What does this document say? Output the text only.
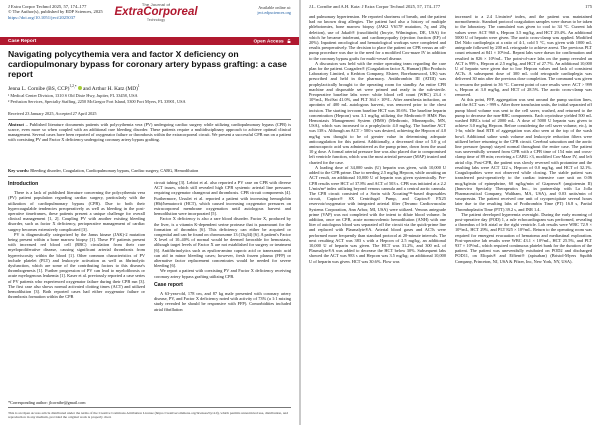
J Extra Corpor Technol 2025, 57, 174–177
© The Author(s), published by EDP Sciences, 2025
https://doi.org/10.1051/ject/2025037
The Journal of
ExtraCorporeal
Technology
Available online at:
ject.edpsciences.org
Case Report	Open Access
Navigating polycythemia vera and factor X deficiency on cardiopulmonary bypass for coronary artery bypass grafting: a case report
Jenna L. Cornibe (BS, CCP)$^{1,2,*}$ and Arthur H. Katz (MD)$^1$
¹ Medical Center Division, 1310 S Old Dixie Hwy, Jupiter, FL 33458, USA
² Perfusion Services, Specialty Staffing, 2250 McGregor Fort Island, 5300 Fort Myers, FL 33901, USA
Received 23 January 2025, Accepted 27 April 2025
Abstract – Published literature documents patients with polycythemia vera (PV) undergoing cardiac surgery while utilizing cardiopulmonary bypass (CPB) is scarce, even more so when coupled with an additional rare bleeding disorder. These patients require a multidisciplinary approach to achieve optimal clinical management. Several cases have been reported of oxygenator failure or thrombosis within the extracorporeal circuit. We present a successful CPB run on a patient with coexisting PV and Factor X deficiency undergoing coronary artery bypass grafting.
Key words: Bleeding disorder, Coagulation, Cardiopulmonary bypass, Cardiac surgery, CABG, Hemodilution
Introduction

There is a lack of published literature concerning the polycythemia vera (PV) patient population regarding cardiac surgery, particularly with the utilization of cardiopulmonary bypass (CPB). Due to both their hypercoagulable tendencies preoperatively as well as bleeding in the post-operative timeframes, these patients present a unique challenge for overall clinical management [1, 2]. Coupling PV with another existing bleeding disorder, such as factor X deficiency, perioperative management of cardiac surgery becomes extensively complicated [3].

PV is diagnostically categorized by the Janus kinase (JAK)-2 mutation being present within a bone marrow biopsy [1]. These PV patients present with increased red blood cell (RBC) circulation from their rare myeloproliferative disease, causing significant arterial thrombosis from hyperviscosity within the blood [1]. Other common characteristics of PV include platelet (PLT) and leukocyte activation as well as fibrinolytic dysfunction, which are some of the contributing factors to this disease's thrombogenesis [1]. Further progression of PV can lead to myelofibrosis or acute myelogenous leukemia [1]. Kaser et al. previously reported a case series of PV patients who experienced oxygenator failure during their CPB run [3]. The first case also shows normal activated clotting times (ACT) and utilized hemodilution [3]. Both reported cases had either oxygenator failure or thrombosis formation within the CPB

circuit tubing [3]. Lebiot et al. also reported a PV case on CPB with diverse ACT issues, which still revealed high CPB systemic arterial line pressures requiring oxygenator changeout and thrombosis. CPB circuit components [4]. Furthermore, Ursulet et al. reported a patient with increasing hemoglobin (Hb)/hematocrit (HCT), which caused increasing oxygenator pressures on extracorporeal membrane oxygenation until autologous harvest and hemodilution were incorporated [5].

Factor X deficiency is also a rare blood disorder. Factor X, produced by the liver, is a vitamin K-dependent serine protease that is paramount for the formation of thrombin [6]. This deficiency can either be acquired or congenital and can be found on chromosome 13 (13q34) [6]. A patient's Factor X level of 10–40% of normal would be deemed favorable for hemostasis, although target levels of Factor X are not established for surgery or treatment [6]. Antifibrinolytics such as epsilon-amino caproic acid or tranexamic acid can aid in minor bleeding cases; however, fresh frozen plasma (FFP) or alternative factor replacement concentrates would be needed for severe bleeding [6].

We report a patient with coexisting PV and Factor X deficiency receiving coronary artery bypass grafting utilizing CPB.

Case report

A 63-year-old, 178 cm, and 87 kg male presented with coronary artery disease, PV, and Factor X deficiency noted with activity of 73% (a 1:1 mixing study revealed he should be responsive with FFP). Comorbidities included atrial fibrillation

*Corresponding author: jlcornibe@gmail.com
This is an Open Access article distributed under the terms of the Creative Commons Attribution License (https://creativecommons.org/licenses/by/4.0), which permits unrestricted use, distribution, and reproduction in any medium, provided the original work is properly cited.
J.L. Cornibe and A.H. Katz: J Extra Corpor Technol 2025, 57, 174–177	175

and pulmonary hypertension. He reported shortness of breath, and the patient had no known drug allergies. The patient had also a history of multiple phlebotomies, bone marrow biopsy (JAK2 V617F mutation, 7q and 20q deletion), use of Jakafi® (ruxolitinib) (Incyte, Wilmington, DE, USA) for which he became intolerant, and cardiomyopathy (ejection fraction (EF) of 20%). Inpatient oncological and hematological workups were completed and results preoperatively. The decision to place the patient on CPB versus an off-pump procedure was due to the need for a modified Cox-maze IV in addition to the coronary bypass grafts for multi-vessel disease.

A discussion was held with the entire operating team regarding the care plan for the patient. Coagadex® (Coagulation factor X, Human) (Bio Products Laboratory Limited, a Kedrion Company, Elstree, Borehamwood, UK) was prescribed and held in the pharmacy. Antithrombin III (ATIII) was prophylactically brought to the operating room for standby. An entire CPB machine and disposable set were primed and ready in the sub-sterile. Preoperative baseline labs were: white blood cell count (WBC) 23.4 × 10⁹/mL, Hct/Sat 41.0%, and PLT 364 × 10⁹/L. After anesthesia induction, an aprotinin of 400 mL autologous harvest, was removed prior to the chest incision. The starting in-room baseline HCT was 30.6%. The baseline heparin concentration (Hepcon) was 3.1 mg/kg utilizing the Medtronic® HMS Plus Hemostasis Management System (HMS) (Medtronic, Minneapolis, MN, USA), which was increased to a prophylactic 4.0 mg/kg. The baseline ACT was 138 s. Although an ACT > 500 s was desired, achieving the Hepcon of 4.0 mg/kg was thought to be of greater value in determining adequate anticoagulation for this patient. Additionally, a decreased dose of 5.0 g of aminocaproic acid was administered as the pump prime, down from the usual 10 g dose. A formal arterial pressure line was also placed due to compromised left ventricle function, which was the most arterial pressure (MAP) trusted and charted for the case.

A loading dose of 34,000 units (U) heparin was given, with 10,000 U added to the CPB prime. Due to needing 2.5 mg/kg Hepcon, while awaiting an ACT result, an additional 10,000 U of heparin was given systemically. Pre-CPB results were HCT of 37.8% and ACT of 503 s. CPB was initiated at a 2.2 L/min/m² index utilizing beyond venous cannula and a central aortic cannula. The CPB circuit consisted of a Sorin with Xcoating™-based disposables circuit, Capiox® SX Centrifugal Pump, and Capiox® FX25 reservoir/oxygenator with integrated arterial filter (Terumo Cardiovascular Systems Corporation, Ann Arbor, MI, USA) were utilized. Venous antegrade prime (VAP) was not completed with the intent to dilute blood volume. In addition, once on CPB, acute normovolemic hemodilution (ANH) with one liter of autologous blood was separated off the circuit via the quick-prime line and replaced with Plasmalyte®A. Arterial blood gases and ACTs were performed more frequently than standard protocol at 20-minute intervals. The next resulting ACT was 383 s with a Hepcon of 2.5 mg/kg, an additional 10,000 U of heparin was given. The HCT was 31.2%, and 300 mL of Plasmalyte®A was added to decrease the HCT below 30%. Subsequent labs showed the ACT was 983 s and Hepcon was 3.5 mg/kg; an additional 10,000 U of heparin was given. HCT was 30.6%. Flow was

increased to a 2.4 L/min/m² index, and the patient was maintained normothermic. Standard protocol coagulation samples were drawn to be taken to the laboratory. The cumulated was given to cool to 34 °C. Current lab values were: ACT 960 s, Hepcon 3.5 mg/kg, and HCT 29.4%. An additional 5000 U of heparin were given. The aortic cross-clamp was applied. Modified Del Nido cardioplegia at a ratio of 4:1, cold 5 °C, was given with 1000 mL antegrade followed by 200 mL retrograde to achieve arrest. The previous PLT count returned at 841 × 10⁹/mL. Repeat labs were drawn for confirmation and resulted in 826 × 10⁹/mL. The point-of-care labs on the pump revealed an ACT is 999 s, Hepcon at 2.5 mg/kg, and HCT of 27.7%. An additional 10,000 U of heparin were given due to low Hepcon values and lack of consistent ACTs. A subsequent dose of 300 mL cold retrograde cardioplegia was delivered 30 min after the previous dose completion. The command was given to rewarm the patient to 36 °C. Current point of care results were: ACT > 999 s, Hepcon at 3.0 mg/kg, and HCT of 28.5%. The aortic cross-clamp was removed.

At this point, FFP, aggregation was sent around the pump suction lines, and the ACT was > 999 s. After three transfusion units, the initial separated off pump blood volume was sent to the cell saver, washed, and returned to the pump to decrease the non-RBC components. Each cryoinfuse yielded 500 mL washed RBCs total of 2000 mL. A dose of 5000 U heparin was given to achieve 3.0 mg/kg Hepcon. Before considering the cell saver volume, etc.), in 1-hr, while final RTE of aggregation was also seen at the top of the wash bowl. Additional saline wash volume and leukocyte reduction filters were utilized before returning to the CPB circuit. Cerebral saturation and the aortic line pressure (pump) stayed normal throughout the entire case. The patient was uneventfully weaned from CPB with a CPB time of 154 min and cross-clamp time of 89 min; receiving a CABG ×3, modified Cox-Maze IV, and left atrial clip. Post-CPB, the patient was slowly reversed with protamine and the resulting labs were ACT 122 s, Hepcon of 0.0 mg/kg, and HCT of 32.1%. Coagulopathies were not observed while closing. The stable patient was transferred post-operatively to the cardiac intensive care unit on 0.06 mcg/kg/min of epinephrine, 60 ng/kg/min of Giapreza® (angiotensin II) (Innoviva Specialty Therapeutics Inc., in partnership with La Jolla Pharmaceutical Company, Waltham, MA, USA), and 0.03 units/min of vasopressin. The patient received one unit of cryoprecipitate several hours later due to the resulting labs of Prothrombin Time (PT) 16.8 s, Partial Thromboplastin Time (PTT) 39.2 s, and INR 1.4.

The patient developed hyperemia overnight. During the early morning of post-operative day (POD) 1, a rule echocardiogram was performed, revealing a thrombus of left atrial or the right ventricle. Lab results were WBC 72.9 × 10⁹/mL, HCT 29%, and PLT 825 × 10⁹/mL. Return to the operating room was required for emergent evacuation of hematoma and mediastinal exploration. Post-operative lab results were WBC 43.1 × 10⁹/mL, HCT 25.5%, and PLT 937 × 10⁹/mL, which required continuous platelet bank for the duration of the patient. The patient was uneventfully extubated on POD2 and discharged POD11, on Eliquis® and Effient® (apixaban) (Bristol-Myers Squibb Company, Princeton, NJ, USA & Pfizer, Inc, New York, NY, USA).
